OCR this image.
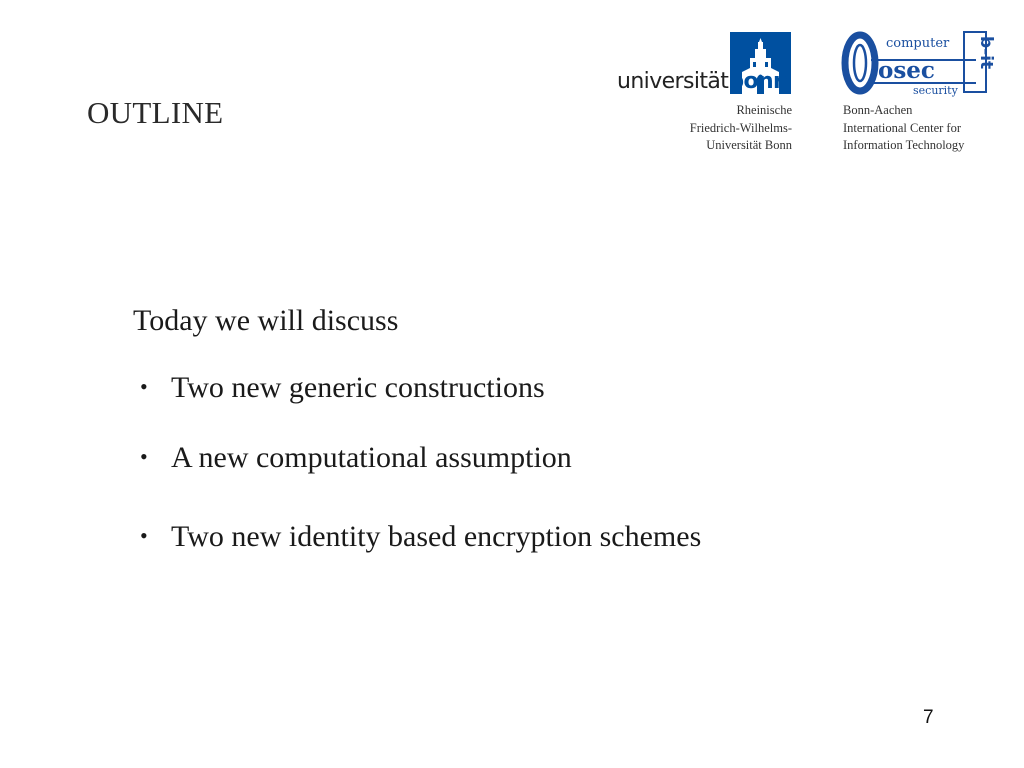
OUTLINE
universitätbonn
Rheinische
Friedrich-Wilhelms-
Universität Bonn
computer
osec
security
b-it
Bonn-Aachen
International Center for
Information Technology
Today we will discuss
• Two new generic constructions
• A new computational assumption
• Two new identity based encryption schemes
7
